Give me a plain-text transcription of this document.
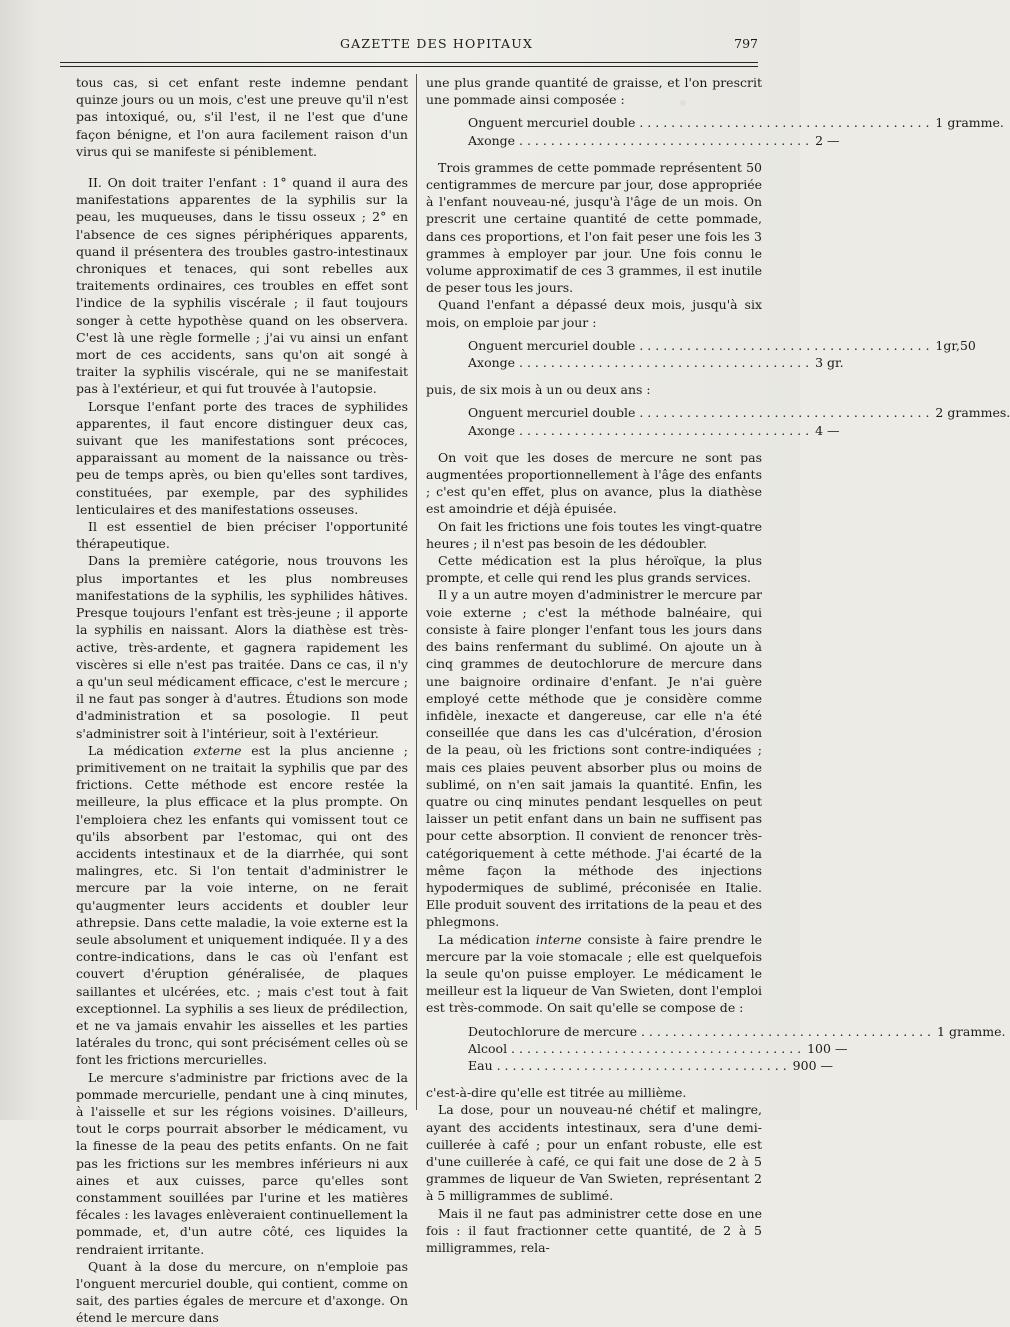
GAZETTE DES HOPITAUX	797

tous cas, si cet enfant reste indemne pendant quinze jours ou un mois, c'est une preuve qu'il n'est pas intoxiqué, ou, s'il l'est, il ne l'est que d'une façon bénigne, et l'on aura facilement raison d'un virus qui se manifeste si péniblement.

II. On doit traiter l'enfant : 1° quand il aura des manifestations apparentes de la syphilis sur la peau, les muqueuses, dans le tissu osseux ; 2° en l'absence de ces signes périphériques apparents, quand il présentera des troubles gastro-intestinaux chroniques et tenaces, qui sont rebelles aux traitements ordinaires, ces troubles en effet sont l'indice de la syphilis viscérale ; il faut toujours songer à cette hypothèse quand on les observera. C'est là une règle formelle ; j'ai vu ainsi un enfant mort de ces accidents, sans qu'on ait songé à traiter la syphilis viscérale, qui ne se manifestait pas à l'extérieur, et qui fut trouvée à l'autopsie.

Lorsque l'enfant porte des traces de syphilides apparentes, il faut encore distinguer deux cas, suivant que les manifestations sont précoces, apparaissant au moment de la naissance ou très-peu de temps après, ou bien qu'elles sont tardives, constituées, par exemple, par des syphilides lenticulaires et des manifestations osseuses.

Il est essentiel de bien préciser l'opportunité thérapeutique.

Dans la première catégorie, nous trouvons les plus importantes et les plus nombreuses manifestations de la syphilis, les syphilides hâtives. Presque toujours l'enfant est très-jeune ; il apporte la syphilis en naissant. Alors la diathèse est très-active, très-ardente, et gagnera rapidement les viscères si elle n'est pas traitée. Dans ce cas, il n'y a qu'un seul médicament efficace, c'est le mercure ; il ne faut pas songer à d'autres. Étudions son mode d'administration et sa posologie. Il peut s'administrer soit à l'intérieur, soit à l'extérieur.

La médication externe est la plus ancienne ; primitivement on ne traitait la syphilis que par des frictions. Cette méthode est encore restée la meilleure, la plus efficace et la plus prompte. On l'emploiera chez les enfants qui vomissent tout ce qu'ils absorbent par l'estomac, qui ont des accidents intestinaux et de la diarrhée, qui sont malingres, etc. Si l'on tentait d'administrer le mercure par la voie interne, on ne ferait qu'augmenter leurs accidents et doubler leur athrepsie. Dans cette maladie, la voie externe est la seule absolument et uniquement indiquée. Il y a des contre-indications, dans le cas où l'enfant est couvert d'éruption généralisée, de plaques saillantes et ulcérées, etc. ; mais c'est tout à fait exceptionnel. La syphilis a ses lieux de prédilection, et ne va jamais envahir les aisselles et les parties latérales du tronc, qui sont précisément celles où se font les frictions mercurielles.

Le mercure s'administre par frictions avec de la pommade mercurielle, pendant une à cinq minutes, à l'aisselle et sur les régions voisines. D'ailleurs, tout le corps pourrait absorber le médicament, vu la finesse de la peau des petits enfants. On ne fait pas les frictions sur les membres inférieurs ni aux aines et aux cuisses, parce qu'elles sont constamment souillées par l'urine et les matières fécales : les lavages enlèveraient continuellement la pommade, et, d'un autre côté, ces liquides la rendraient irritante.

Quant à la dose du mercure, on n'emploie pas l'onguent mercuriel double, qui contient, comme on sait, des parties égales de mercure et d'axonge. On étend le mercure dans

une plus grande quantité de graisse, et l'on prescrit une pommade ainsi composée :

Onguent mercuriel double . . .	1 gramme.
Axonge . . .	2 —

Trois grammes de cette pommade représentent 50 centigrammes de mercure par jour, dose appropriée à l'enfant nouveau-né, jusqu'à l'âge de un mois. On prescrit une certaine quantité de cette pommade, dans ces proportions, et l'on fait peser une fois les 3 grammes à employer par jour. Une fois connu le volume approximatif de ces 3 grammes, il est inutile de peser tous les jours.

Quand l'enfant a dépassé deux mois, jusqu'à six mois, on emploie par jour :

Onguent mercuriel double . . .	1gr,50
Axonge . . .	3 gr.

puis, de six mois à un ou deux ans :

Onguent mercuriel double . . .	2 grammes.
Axonge . . .	4 —

On voit que les doses de mercure ne sont pas augmentées proportionnellement à l'âge des enfants ; c'est qu'en effet, plus on avance, plus la diathèse est amoindrie et déjà épuisée.

On fait les frictions une fois toutes les vingt-quatre heures ; il n'est pas besoin de les dédoubler.

Cette médication est la plus héroïque, la plus prompte, et celle qui rend les plus grands services.

Il y a un autre moyen d'administrer le mercure par voie externe ; c'est la méthode balnéaire, qui consiste à faire plonger l'enfant tous les jours dans des bains renfermant du sublimé. On ajoute un à cinq grammes de deutochlorure de mercure dans une baignoire ordinaire d'enfant. Je n'ai guère employé cette méthode que je considère comme infidèle, inexacte et dangereuse, car elle n'a été conseillée que dans les cas d'ulcération, d'érosion de la peau, où les frictions sont contre-indiquées ; mais ces plaies peuvent absorber plus ou moins de sublimé, on n'en sait jamais la quantité. Enfin, les quatre ou cinq minutes pendant lesquelles on peut laisser un petit enfant dans un bain ne suffisent pas pour cette absorption. Il convient de renoncer très-catégoriquement à cette méthode. J'ai écarté de la même façon la méthode des injections hypodermiques de sublimé, préconisée en Italie. Elle produit souvent des irritations de la peau et des phlegmons.

La médication interne consiste à faire prendre le mercure par la voie stomacale ; elle est quelquefois la seule qu'on puisse employer. Le médicament le meilleur est la liqueur de Van Swieten, dont l'emploi est très-commode. On sait qu'elle se compose de :

Deutochlorure de mercure . . .	1 gramme.
Alcool . . .	100 —
Eau . . .	900 —

c'est-à-dire qu'elle est titrée au millième.

La dose, pour un nouveau-né chétif et malingre, ayant des accidents intestinaux, sera d'une demi-cuillerée à café ; pour un enfant robuste, elle est d'une cuillerée à café, ce qui fait une dose de 2 à 5 grammes de liqueur de Van Swieten, représentant 2 à 5 milligrammes de sublimé.

Mais il ne faut pas administrer cette dose en une fois : il faut fractionner cette quantité, de 2 à 5 milligrammes, rela-
